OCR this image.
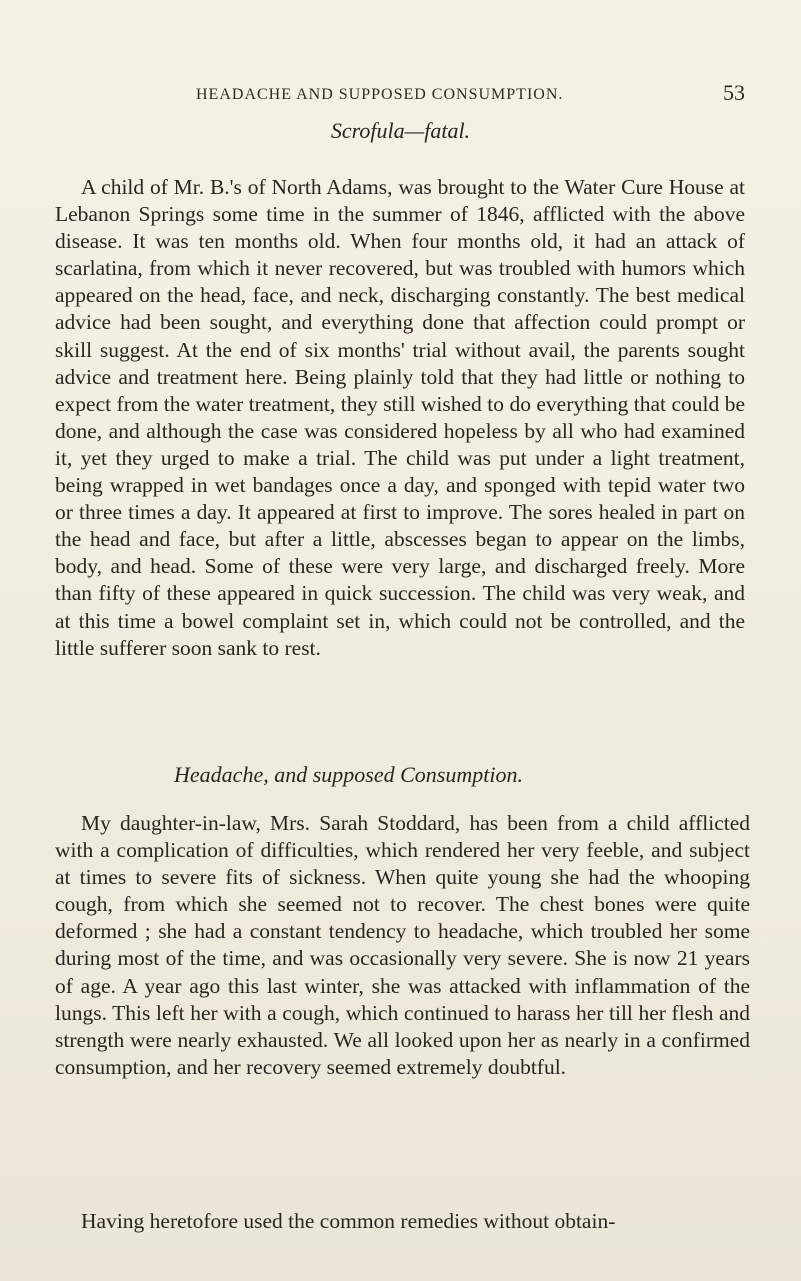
HEADACHE AND SUPPOSED CONSUMPTION.	53
Scrofula—fatal.

A child of Mr. B.'s of North Adams, was brought to the Water Cure House at Lebanon Springs some time in the summer of 1846, afflicted with the above disease. It was ten months old. When four months old, it had an attack of scarlatina, from which it never recovered, but was troubled with humors which appeared on the head, face, and neck, discharging constantly. The best medical advice had been sought, and everything done that affection could prompt or skill suggest. At the end of six months' trial without avail, the parents sought advice and treatment here. Being plainly told that they had little or nothing to expect from the water treatment, they still wished to do everything that could be done, and although the case was considered hopeless by all who had examined it, yet they urged to make a trial. The child was put under a light treatment, being wrapped in wet bandages once a day, and sponged with tepid water two or three times a day. It appeared at first to improve. The sores healed in part on the head and face, but after a little, abscesses began to appear on the limbs, body, and head. Some of these were very large, and discharged freely. More than fifty of these appeared in quick succession. The child was very weak, and at this time a bowel complaint set in, which could not be controlled, and the little sufferer soon sank to rest.

Headache, and supposed Consumption.

My daughter-in-law, Mrs. Sarah Stoddard, has been from a child afflicted with a complication of difficulties, which rendered her very feeble, and subject at times to severe fits of sickness. When quite young she had the whooping cough, from which she seemed not to recover. The chest bones were quite deformed ; she had a constant tendency to headache, which troubled her some during most of the time, and was occasionally very severe. She is now 21 years of age. A year ago this last winter, she was attacked with inflammation of the lungs. This left her with a cough, which continued to harass her till her flesh and strength were nearly exhausted. We all looked upon her as nearly in a confirmed consumption, and her recovery seemed extremely doubtful.

Having heretofore used the common remedies without obtain-
